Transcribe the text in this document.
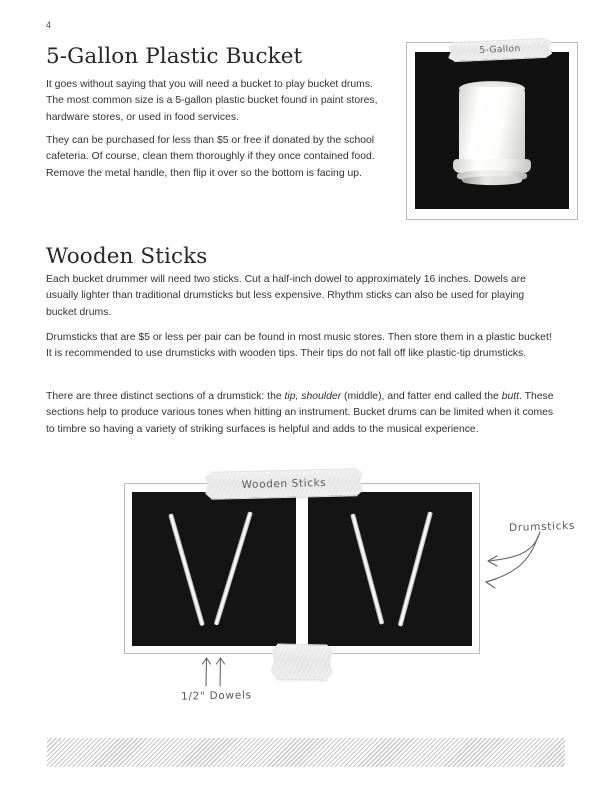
4
5-Gallon Plastic Bucket
It goes without saying that you will need a bucket to play bucket drums. The most common size is a 5-gallon plastic bucket found in paint stores, hardware stores, or used in food services.
They can be purchased for less than $5 or free if donated by the school cafeteria. Of course, clean them thoroughly if they once contained food. Remove the metal handle, then flip it over so the bottom is facing up.
5-Gallon
Wooden Sticks
Each bucket drummer will need two sticks. Cut a half-inch dowel to approximately 16 inches. Dowels are usually lighter than traditional drumsticks but less expensive. Rhythm sticks can also be used for playing bucket drums.
Drumsticks that are $5 or less per pair can be found in most music stores. Then store them in a plastic bucket! It is recommended to use drumsticks with wooden tips. Their tips do not fall off like plastic-tip drumsticks.
There are three distinct sections of a drumstick: the tip, shoulder (middle), and fatter end called the butt. These sections help to produce various tones when hitting an instrument. Bucket drums can be limited when it comes to timbre so having a variety of striking surfaces is helpful and adds to the musical experience.
Wooden Sticks
1/2" Dowels
Drumsticks
